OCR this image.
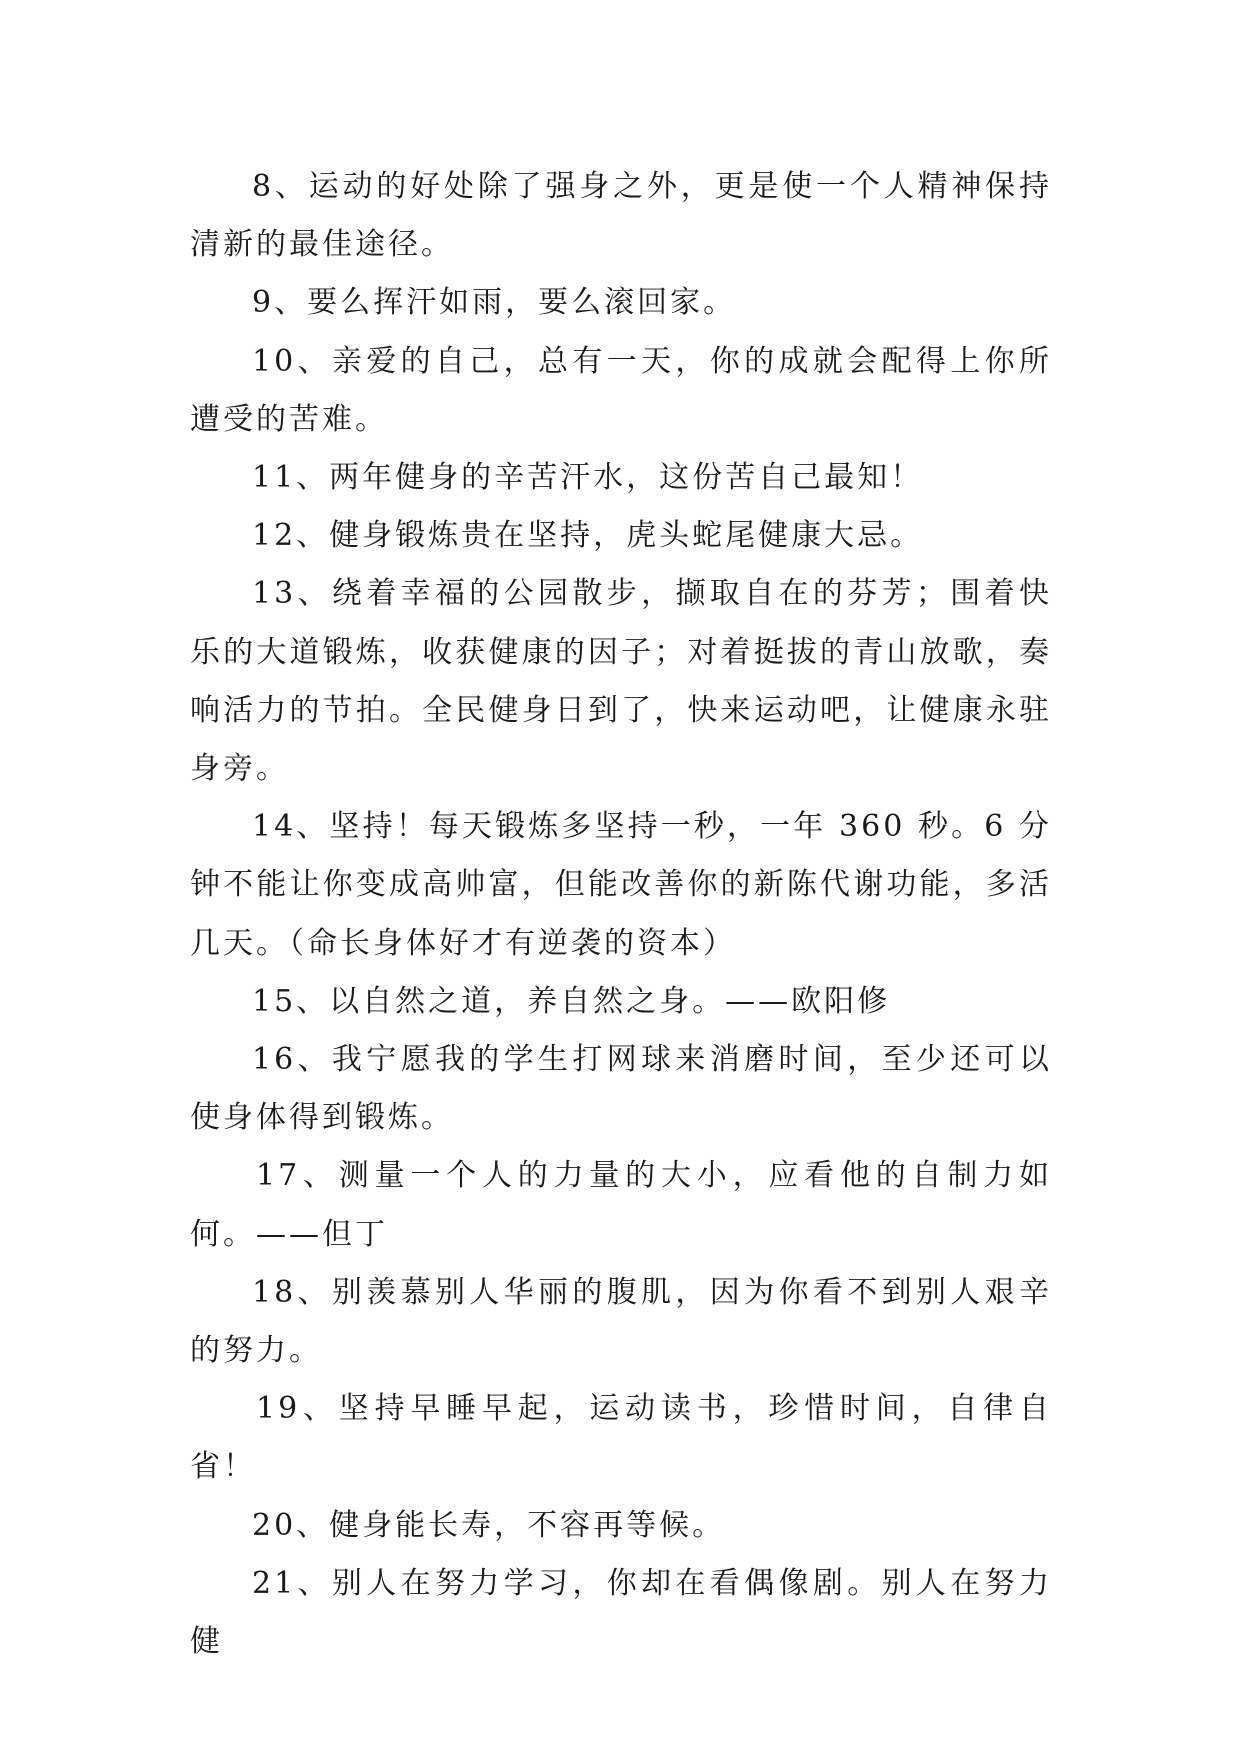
8、运动的好处除了强身之外，更是使一个人精神保持清新的最佳途径。

9、要么挥汗如雨，要么滚回家。

10、亲爱的自己，总有一天，你的成就会配得上你所遭受的苦难。

11、两年健身的辛苦汗水，这份苦自己最知！

12、健身锻炼贵在坚持，虎头蛇尾健康大忌。

13、绕着幸福的公园散步，撷取自在的芬芳；围着快乐的大道锻炼，收获健康的因子；对着挺拔的青山放歌，奏响活力的节拍。全民健身日到了，快来运动吧，让健康永驻身旁。

14、坚持！每天锻炼多坚持一秒，一年 360 秒。6 分钟不能让你变成高帅富，但能改善你的新陈代谢功能，多活几天。（命长身体好才有逆袭的资本）

15、以自然之道，养自然之身。——欧阳修

16、我宁愿我的学生打网球来消磨时间，至少还可以使身体得到锻炼。

17、测量一个人的力量的大小，应看他的自制力如何。——但丁

18、别羡慕别人华丽的腹肌，因为你看不到别人艰辛的努力。

19、坚持早睡早起，运动读书，珍惜时间，自律自省！

20、健身能长寿，不容再等候。

21、别人在努力学习，你却在看偶像剧。别人在努力健
